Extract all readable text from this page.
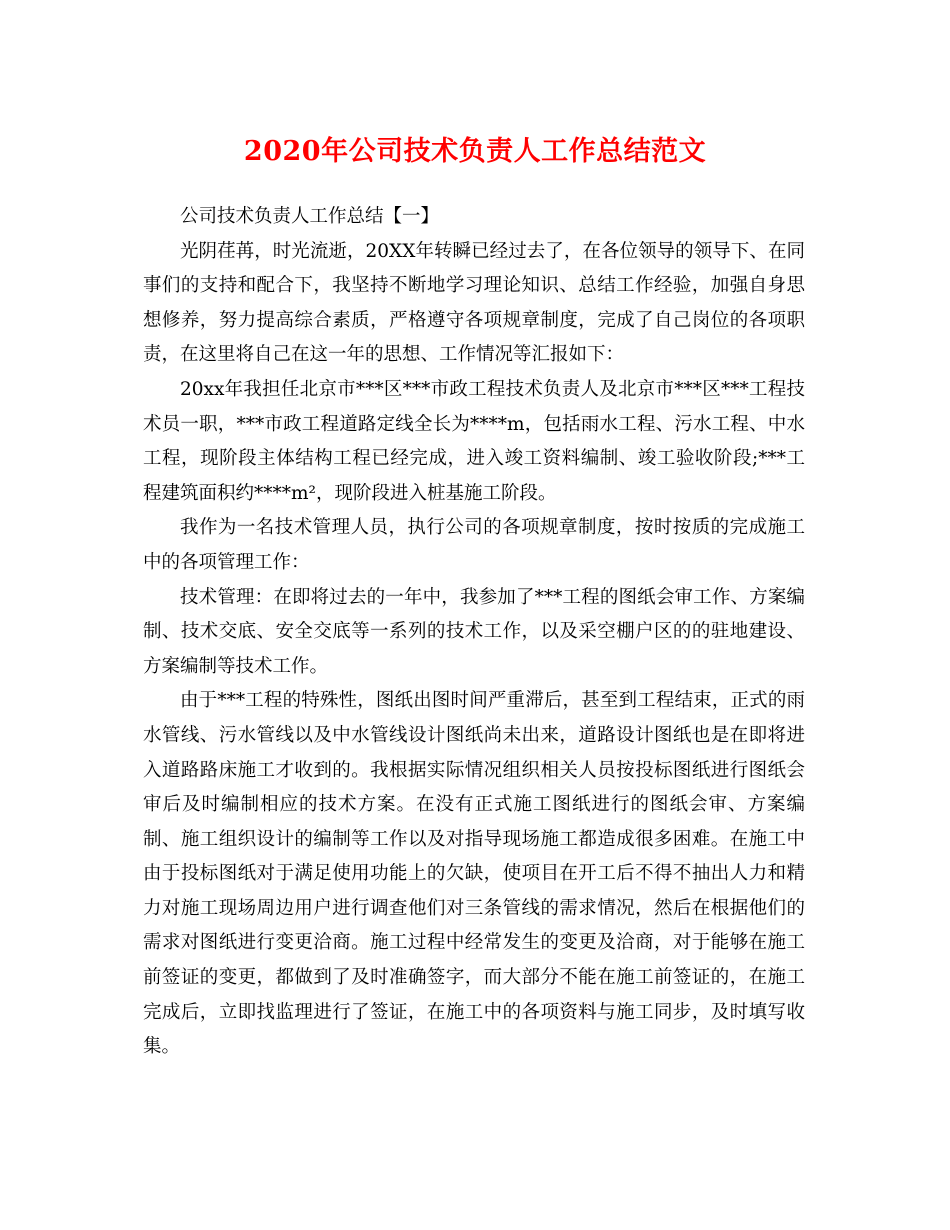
2020年公司技术负责人工作总结范文

公司技术负责人工作总结【一】

光阴荏苒，时光流逝，20XX年转瞬已经过去了，在各位领导的领导下、在同事们的支持和配合下，我坚持不断地学习理论知识、总结工作经验，加强自身思想修养，努力提高综合素质，严格遵守各项规章制度，完成了自己岗位的各项职责，在这里将自己在这一年的思想、工作情况等汇报如下：

20xx年我担任北京市***区***市政工程技术负责人及北京市***区***工程技术员一职，***市政工程道路定线全长为****m，包括雨水工程、污水工程、中水工程，现阶段主体结构工程已经完成，进入竣工资料编制、竣工验收阶段;***工程建筑面积约****m²，现阶段进入桩基施工阶段。

我作为一名技术管理人员，执行公司的各项规章制度，按时按质的完成施工中的各项管理工作：

技术管理：在即将过去的一年中，我参加了***工程的图纸会审工作、方案编制、技术交底、安全交底等一系列的技术工作，以及采空棚户区的的驻地建设、方案编制等技术工作。

由于***工程的特殊性，图纸出图时间严重滞后，甚至到工程结束，正式的雨水管线、污水管线以及中水管线设计图纸尚未出来，道路设计图纸也是在即将进入道路路床施工才收到的。我根据实际情况组织相关人员按投标图纸进行图纸会审后及时编制相应的技术方案。在没有正式施工图纸进行的图纸会审、方案编制、施工组织设计的编制等工作以及对指导现场施工都造成很多困难。在施工中由于投标图纸对于满足使用功能上的欠缺，使项目在开工后不得不抽出人力和精力对施工现场周边用户进行调查他们对三条管线的需求情况，然后在根据他们的需求对图纸进行变更洽商。施工过程中经常发生的变更及洽商，对于能够在施工前签证的变更，都做到了及时准确签字，而大部分不能在施工前签证的，在施工完成后，立即找监理进行了签证，在施工中的各项资料与施工同步，及时填写收集。
